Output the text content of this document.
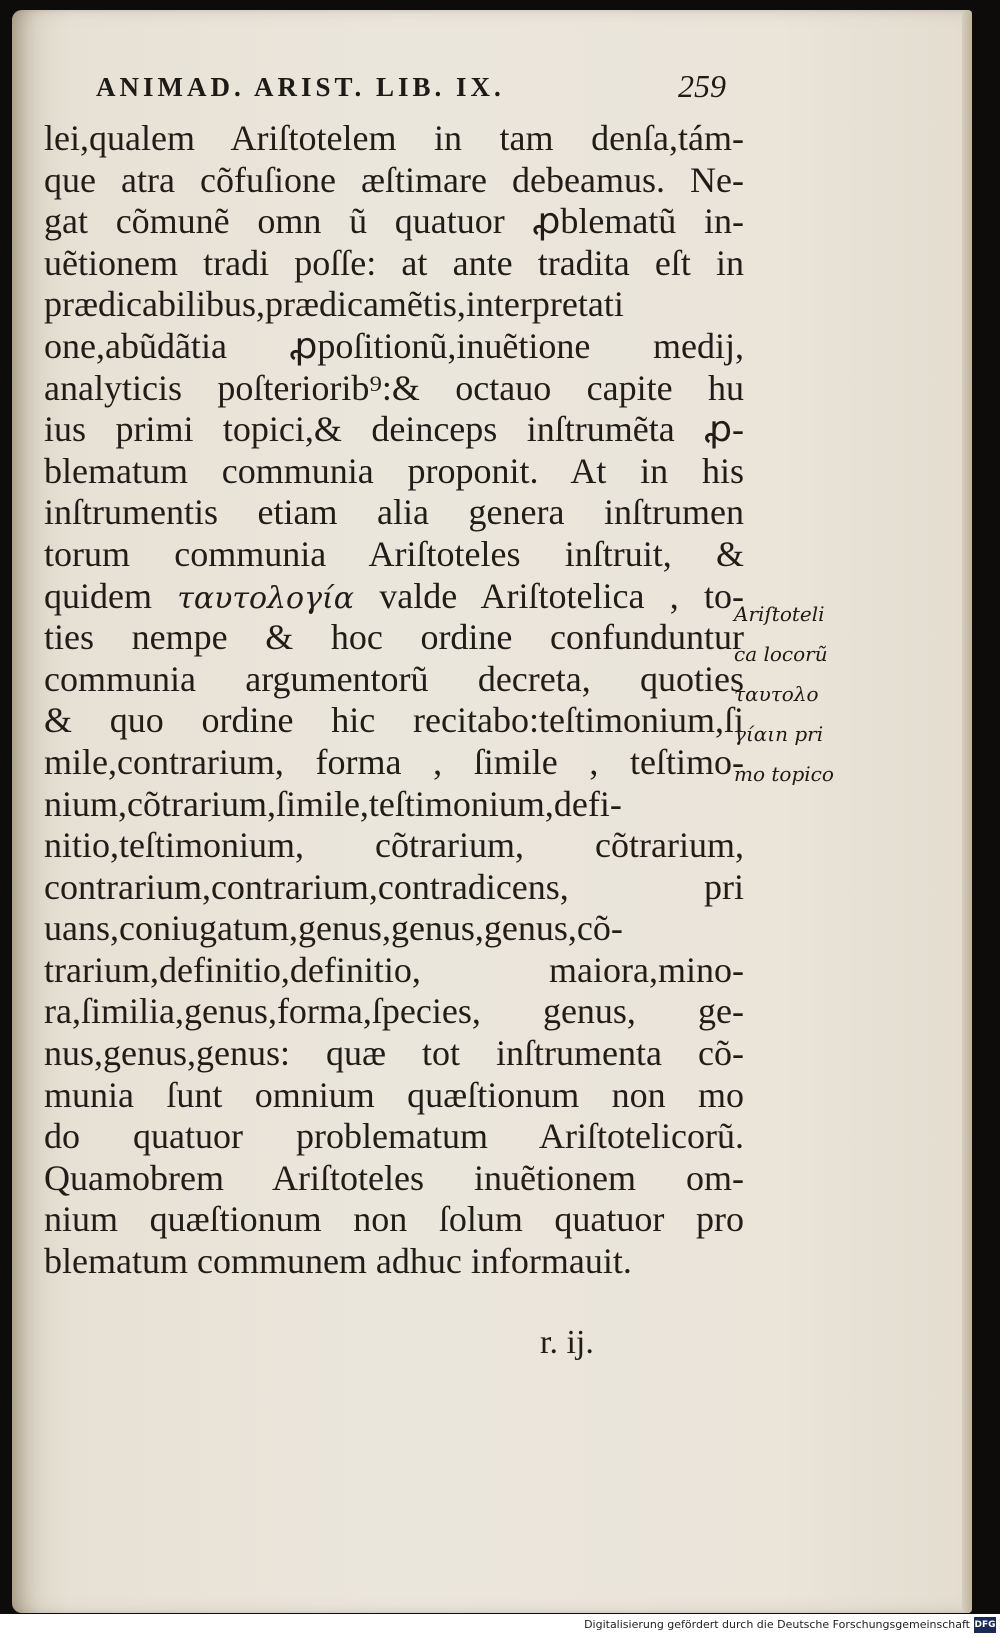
ANIMAD. ARIST. LIB. IX.	259
lei,qualem Ariſtotelem in tam denſa,tám-
que atra cõfuſione æſtimare debeamus. Ne-
gat cõmunẽ omn ũ quatuor ꝓblematũ in-
uẽtionem tradi poſſe: at ante tradita eſt in
prædicabilibus,prædicamẽtis,interpretati
one,abũdãtia ꝓpoſitionũ,inuẽtione medij,
analyticis poſteriorib⁹:& octauo capite hu
ius primi topici,& deinceps inſtrumẽta ꝓ-
blematum communia proponit. At in his
inſtrumentis etiam alia genera inſtrumen
torum communia Ariſtoteles inſtruit, &
quidem ταυτολογία valde Ariſtotelica , to-
ties nempe & hoc ordine confunduntur
communia argumentorũ decreta, quoties
& quo ordine hic recitabo:teſtimonium,ſi
mile,contrarium, forma , ſimile , teſtimo-
nium,cõtrarium,ſimile,teſtimonium,defi-
nitio,teſtimonium, cõtrarium, cõtrarium,
contrarium,contrarium,contradicens, pri
uans,coniugatum,genus,genus,genus,cõ-
trarium,definitio,definitio, maiora,mino-
ra,ſimilia,genus,forma,ſpecies, genus, ge-
nus,genus,genus: quæ tot inſtrumenta cõ-
munia ſunt omnium quæſtionum non mo
do quatuor problematum Ariſtotelicorũ.
Quamobrem Ariſtoteles inuẽtionem om-
nium quæſtionum non ſolum quatuor pro
blematum communem adhuc informauit.
Ariſtoteli
ca locorũ
ταυτολο
γίαιn pri
mo topico
r. ij.
Digitalisierung gefördert durch die Deutsche Forschungsgemeinschaft DFG
